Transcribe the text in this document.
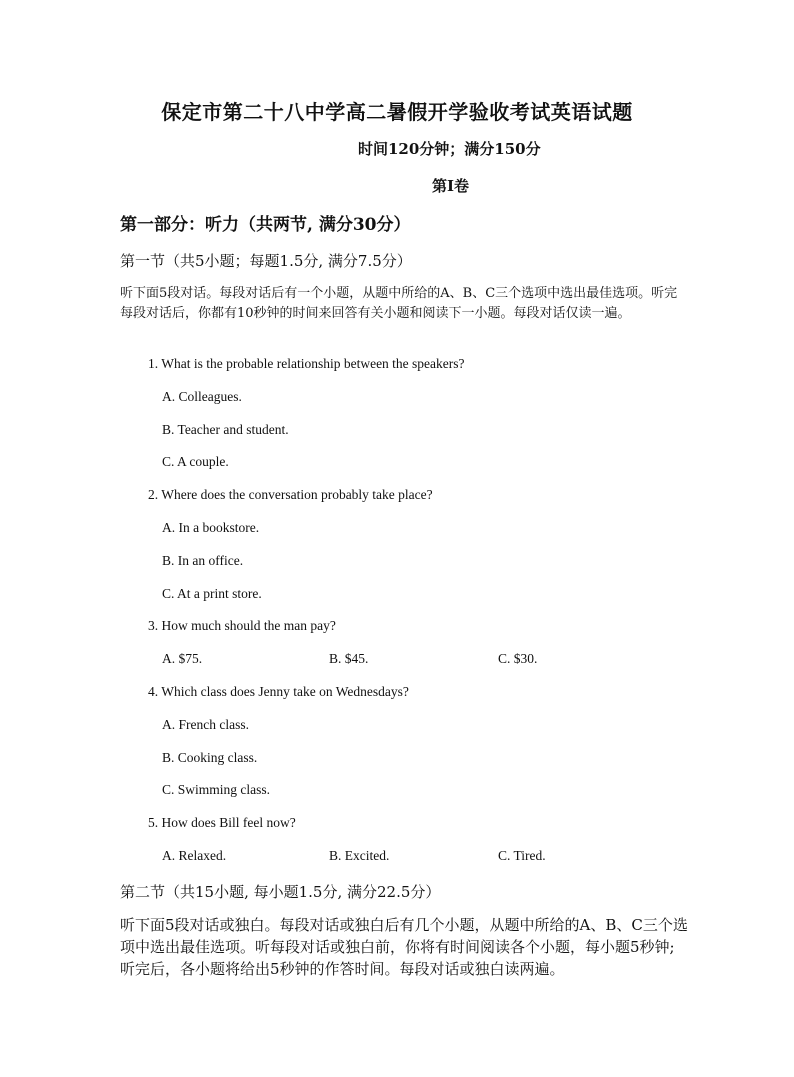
保定市第二十八中学高二暑假开学验收考试英语试题
时间120分钟；满分150分
第I卷
第一部分：听力（共两节, 满分30分）
第一节（共5小题；每题1.5分, 满分7.5分）
听下面5段对话。每段对话后有一个小题，从题中所给的A、B、C三个选项中选出最佳选项。听完每段对话后，你都有10秒钟的时间来回答有关小题和阅读下一小题。每段对话仅读一遍。
1. What is the probable relationship between the speakers?
A. Colleagues.
B. Teacher and student.
C. A couple.
2. Where does the conversation probably take place?
A. In a bookstore.
B. In an office.
C. At a print store.
3. How much should the man pay?
A. $75.	B. $45.	C. $30.
4. Which class does Jenny take on Wednesdays?
A. French class.
B. Cooking class.
C. Swimming class.
5. How does Bill feel now?
A. Relaxed.	B. Excited.	C. Tired.
第二节（共15小题, 每小题1.5分, 满分22.5分）
听下面5段对话或独白。每段对话或独白后有几个小题，从题中所给的A、B、C三个选项中选出最佳选项。听每段对话或独白前，你将有时间阅读各个小题，每小题5秒钟; 听完后，各小题将给出5秒钟的作答时间。每段对话或独白读两遍。
